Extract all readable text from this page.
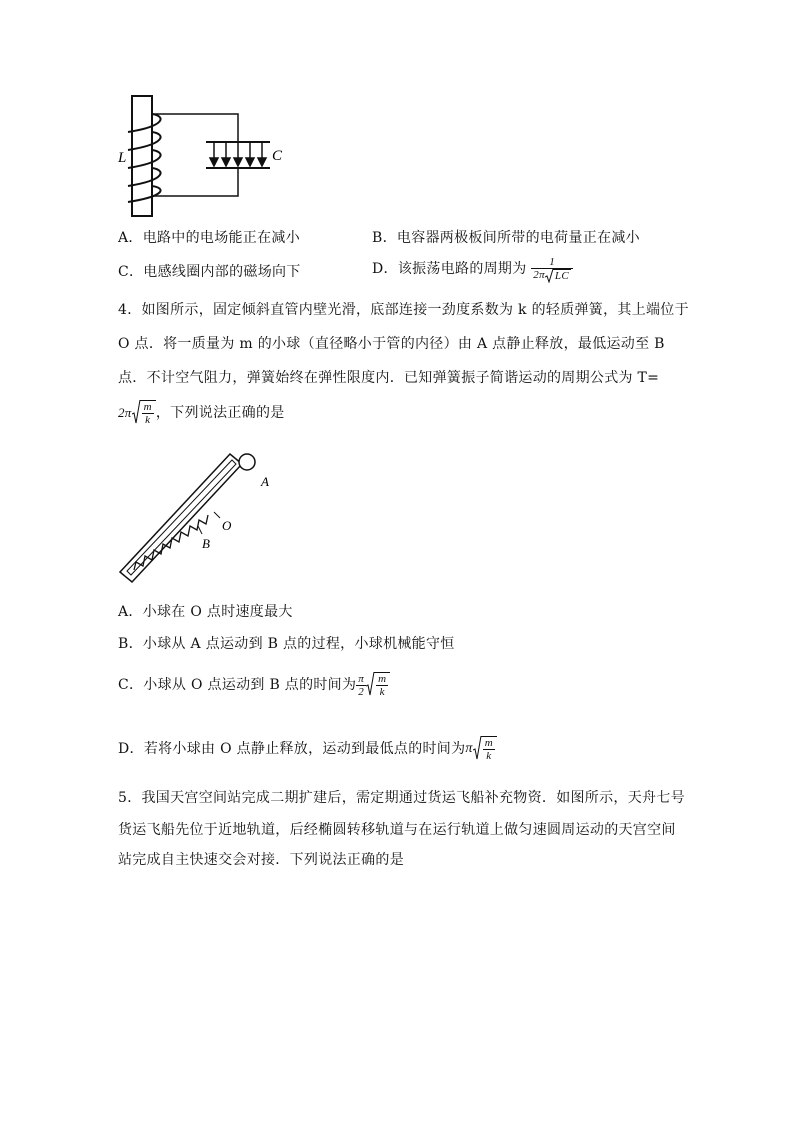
L	C
A．电路中的电场能正在减小	B．电容器两极板间所带的电荷量正在减小
C．电感线圈内部的磁场向下	D．该振荡电路的周期为 $\frac{1}{\text{2π LC}}$
4．如图所示，固定倾斜直管内壁光滑，底部连接一劲度系数为 k 的轻质弹簧，其上端位于
O 点．将一质量为 m 的小球（直径略小于管的内径）由 A 点静止释放，最低运动至 B
点．不计空气阻力，弹簧始终在弹性限度内．已知弹簧振子简谐运动的周期公式为 T=
$2\pi \frac{m}{k}$ ，下列说法正确的是
A
O
B
A．小球在 O 点时速度最大
B．小球从 A 点运动到 B 点的过程，小球机械能守恒
C．小球从 O 点运动到 B 点的时间为 $\frac{\pi}{2} \frac{m}{k}$
D．若将小球由 O 点静止释放，运动到最低点的时间为π $\frac{m}{k}$
5．我国天宫空间站完成二期扩建后，需定期通过货运飞船补充物资．如图所示，天舟七号
货运飞船先位于近地轨道，后经椭圆转移轨道与在运行轨道上做匀速圆周运动的天宫空间
站完成自主快速交会对接．下列说法正确的是
